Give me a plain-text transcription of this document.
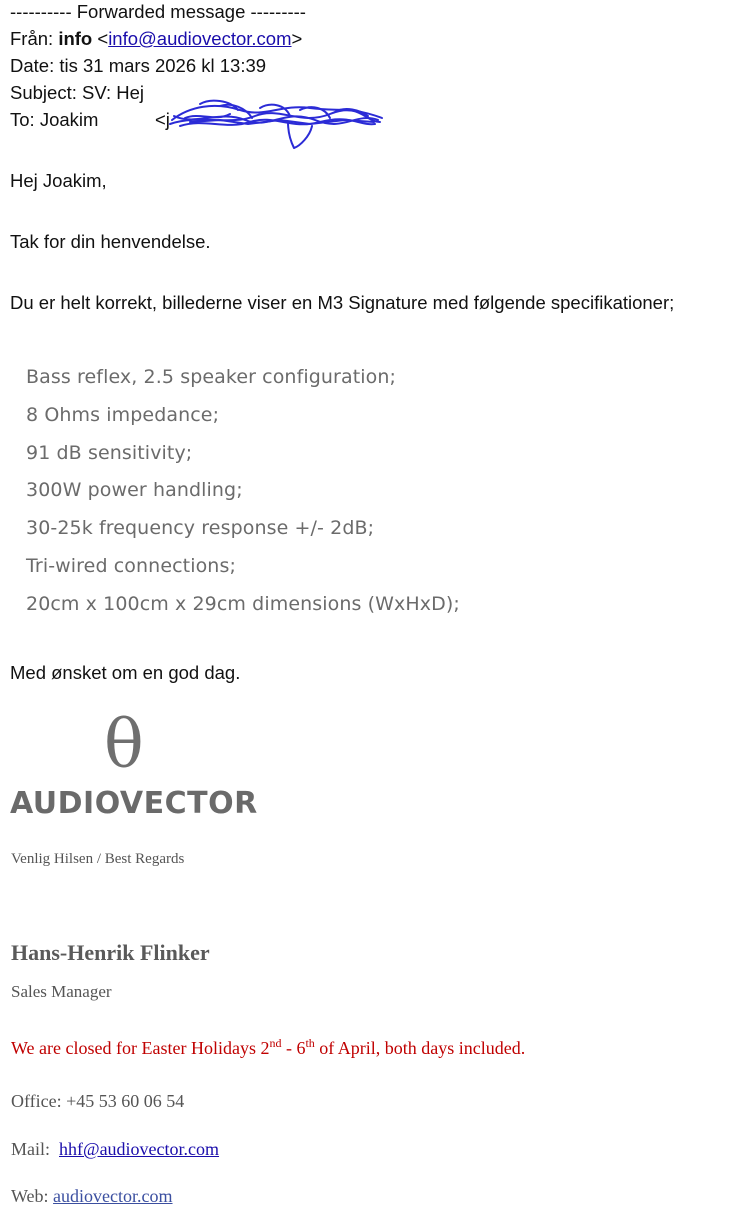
---------- Forwarded message ---------
Från: info <info@audiovector.com>
Date: tis 31 mars 2026 kl 13:39
Subject: SV: Hej
To: Joakim	<j
Hej Joakim,
Tak for din henvendelse.
Du er helt korrekt, billederne viser en M3 Signature med følgende specifikationer;
Bass reflex, 2.5 speaker configuration;
8 Ohms impedance;
91 dB sensitivity;
300W power handling;
30-25k frequency response +/- 2dB;
Tri-wired connections;
20cm x 100cm x 29cm dimensions (WxHxD);
Med ønsket om en god dag.
θ
AUDIOVECTOR
Venlig Hilsen / Best Regards
Hans-Henrik Flinker
Sales Manager
We are closed for Easter Holidays 2nd - 6th of April, both days included.
Office: +45 53 60 06 54
Mail: hhf@audiovector.com
Web: audiovector.com
